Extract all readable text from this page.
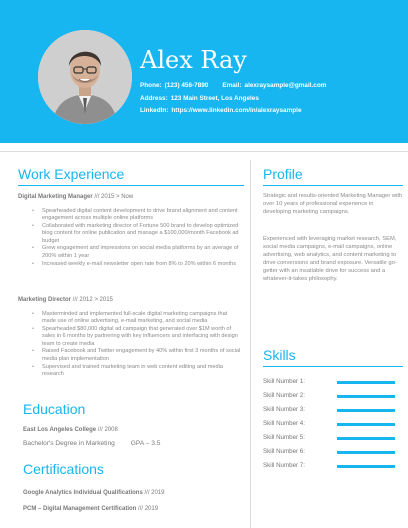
Alex Ray
Phone: (123) 456-7890 Email: alexraysample@gmail.com
Address: 123 Main Street, Los Angeles
LinkedIn: https://www.linkedin.com/in/alexraysample
Work Experience
Digital Marketing Manager /// 2015 > Now
• Spearheaded digital content development to drive brand alignment and content engagement across multiple online platforms
• Collaborated with marketing director of Fortune 500 brand to develop optimized blog content for online publication and manage a $100,000/month Facebook ad budget
• Grew engagement and impressions on social media platforms by an average of 200% within 1 year
• Increased weekly e-mail newsletter open rate from 8% to 20% within 6 months
Marketing Director /// 2012 > 2015
• Masterminded and implemented full-scale digital marketing campaigns that made use of online advertising, e-mail marketing, and social media
• Spearheaded $80,000 digital ad campaign that generated over $1M worth of sales in 6 months by partnering with key influencers and interfacing with design team to create media
• Raised Facebook and Twitter engagement by 40% within first 3 months of social media plan implementation
• Supervised and trained marketing team in web content editing and media research
Education
East Los Angeles College /// 2008
Bachelor's Degree in Marketing GPA – 3.5
Certifications
Google Analytics Individual Qualifications /// 2019
PCM – Digital Management Certification /// 2019
Profile

Strategic and results-oriented Marketing Manager with over 10 years of professional experience in developing marketing campaigns.

Experienced with leveraging market research, SEM, social media campaigns, e-mail campaigns, online advertising, web analytics, and content marketing to drive conversions and brand exposure. Versatile go-getter with an insatiable drive for success and a whatever-it-takes philosophy.

Skills
Skill Number 1:
Skill Number 2:
Skill Number 3:
Skill Number 4:
Skill Number 5:
Skill Number 6:
Skill Number 7:
